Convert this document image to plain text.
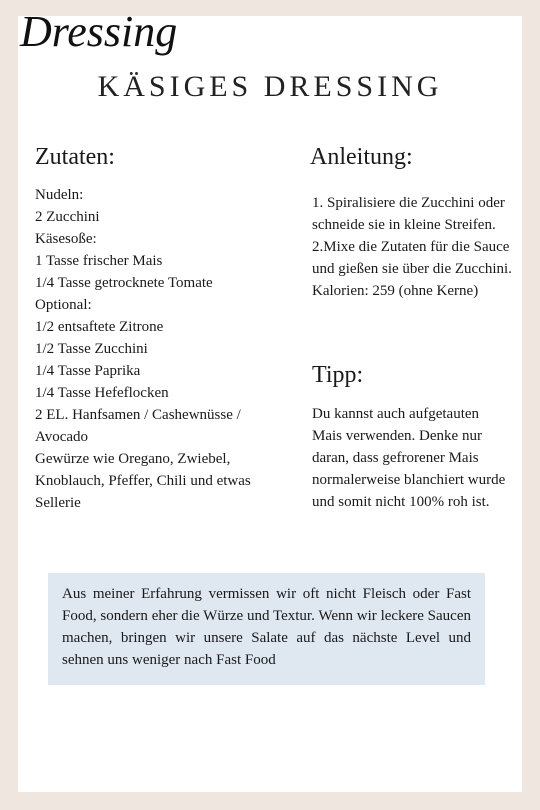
Dressing
KÄSIGES DRESSING
Zutaten:
Nudeln:
2 Zucchini
Käsesoße:
1 Tasse frischer Mais
1/4 Tasse getrocknete Tomate
Optional:
1/2 entsaftete Zitrone
1/2 Tasse Zucchini
1/4 Tasse Paprika
1/4 Tasse Hefeflocken
2 EL. Hanfsamen / Cashewnüsse / Avocado
Gewürze wie Oregano, Zwiebel, Knoblauch, Pfeffer, Chili und etwas Sellerie
Anleitung:
1. Spiralisiere die Zucchini oder schneide sie in kleine Streifen.
2.Mixe die Zutaten für die Sauce und gießen sie über die Zucchini.
Kalorien: 259 (ohne Kerne)
Tipp:
Du kannst auch aufgetauten Mais verwenden. Denke nur daran, dass gefrorener Mais normalerweise blanchiert wurde und somit nicht 100% roh ist.
Aus meiner Erfahrung vermissen wir oft nicht Fleisch oder Fast Food, sondern eher die Würze und Textur. Wenn wir leckere Saucen machen, bringen wir unsere Salate auf das nächste Level und sehnen uns weniger nach Fast Food
